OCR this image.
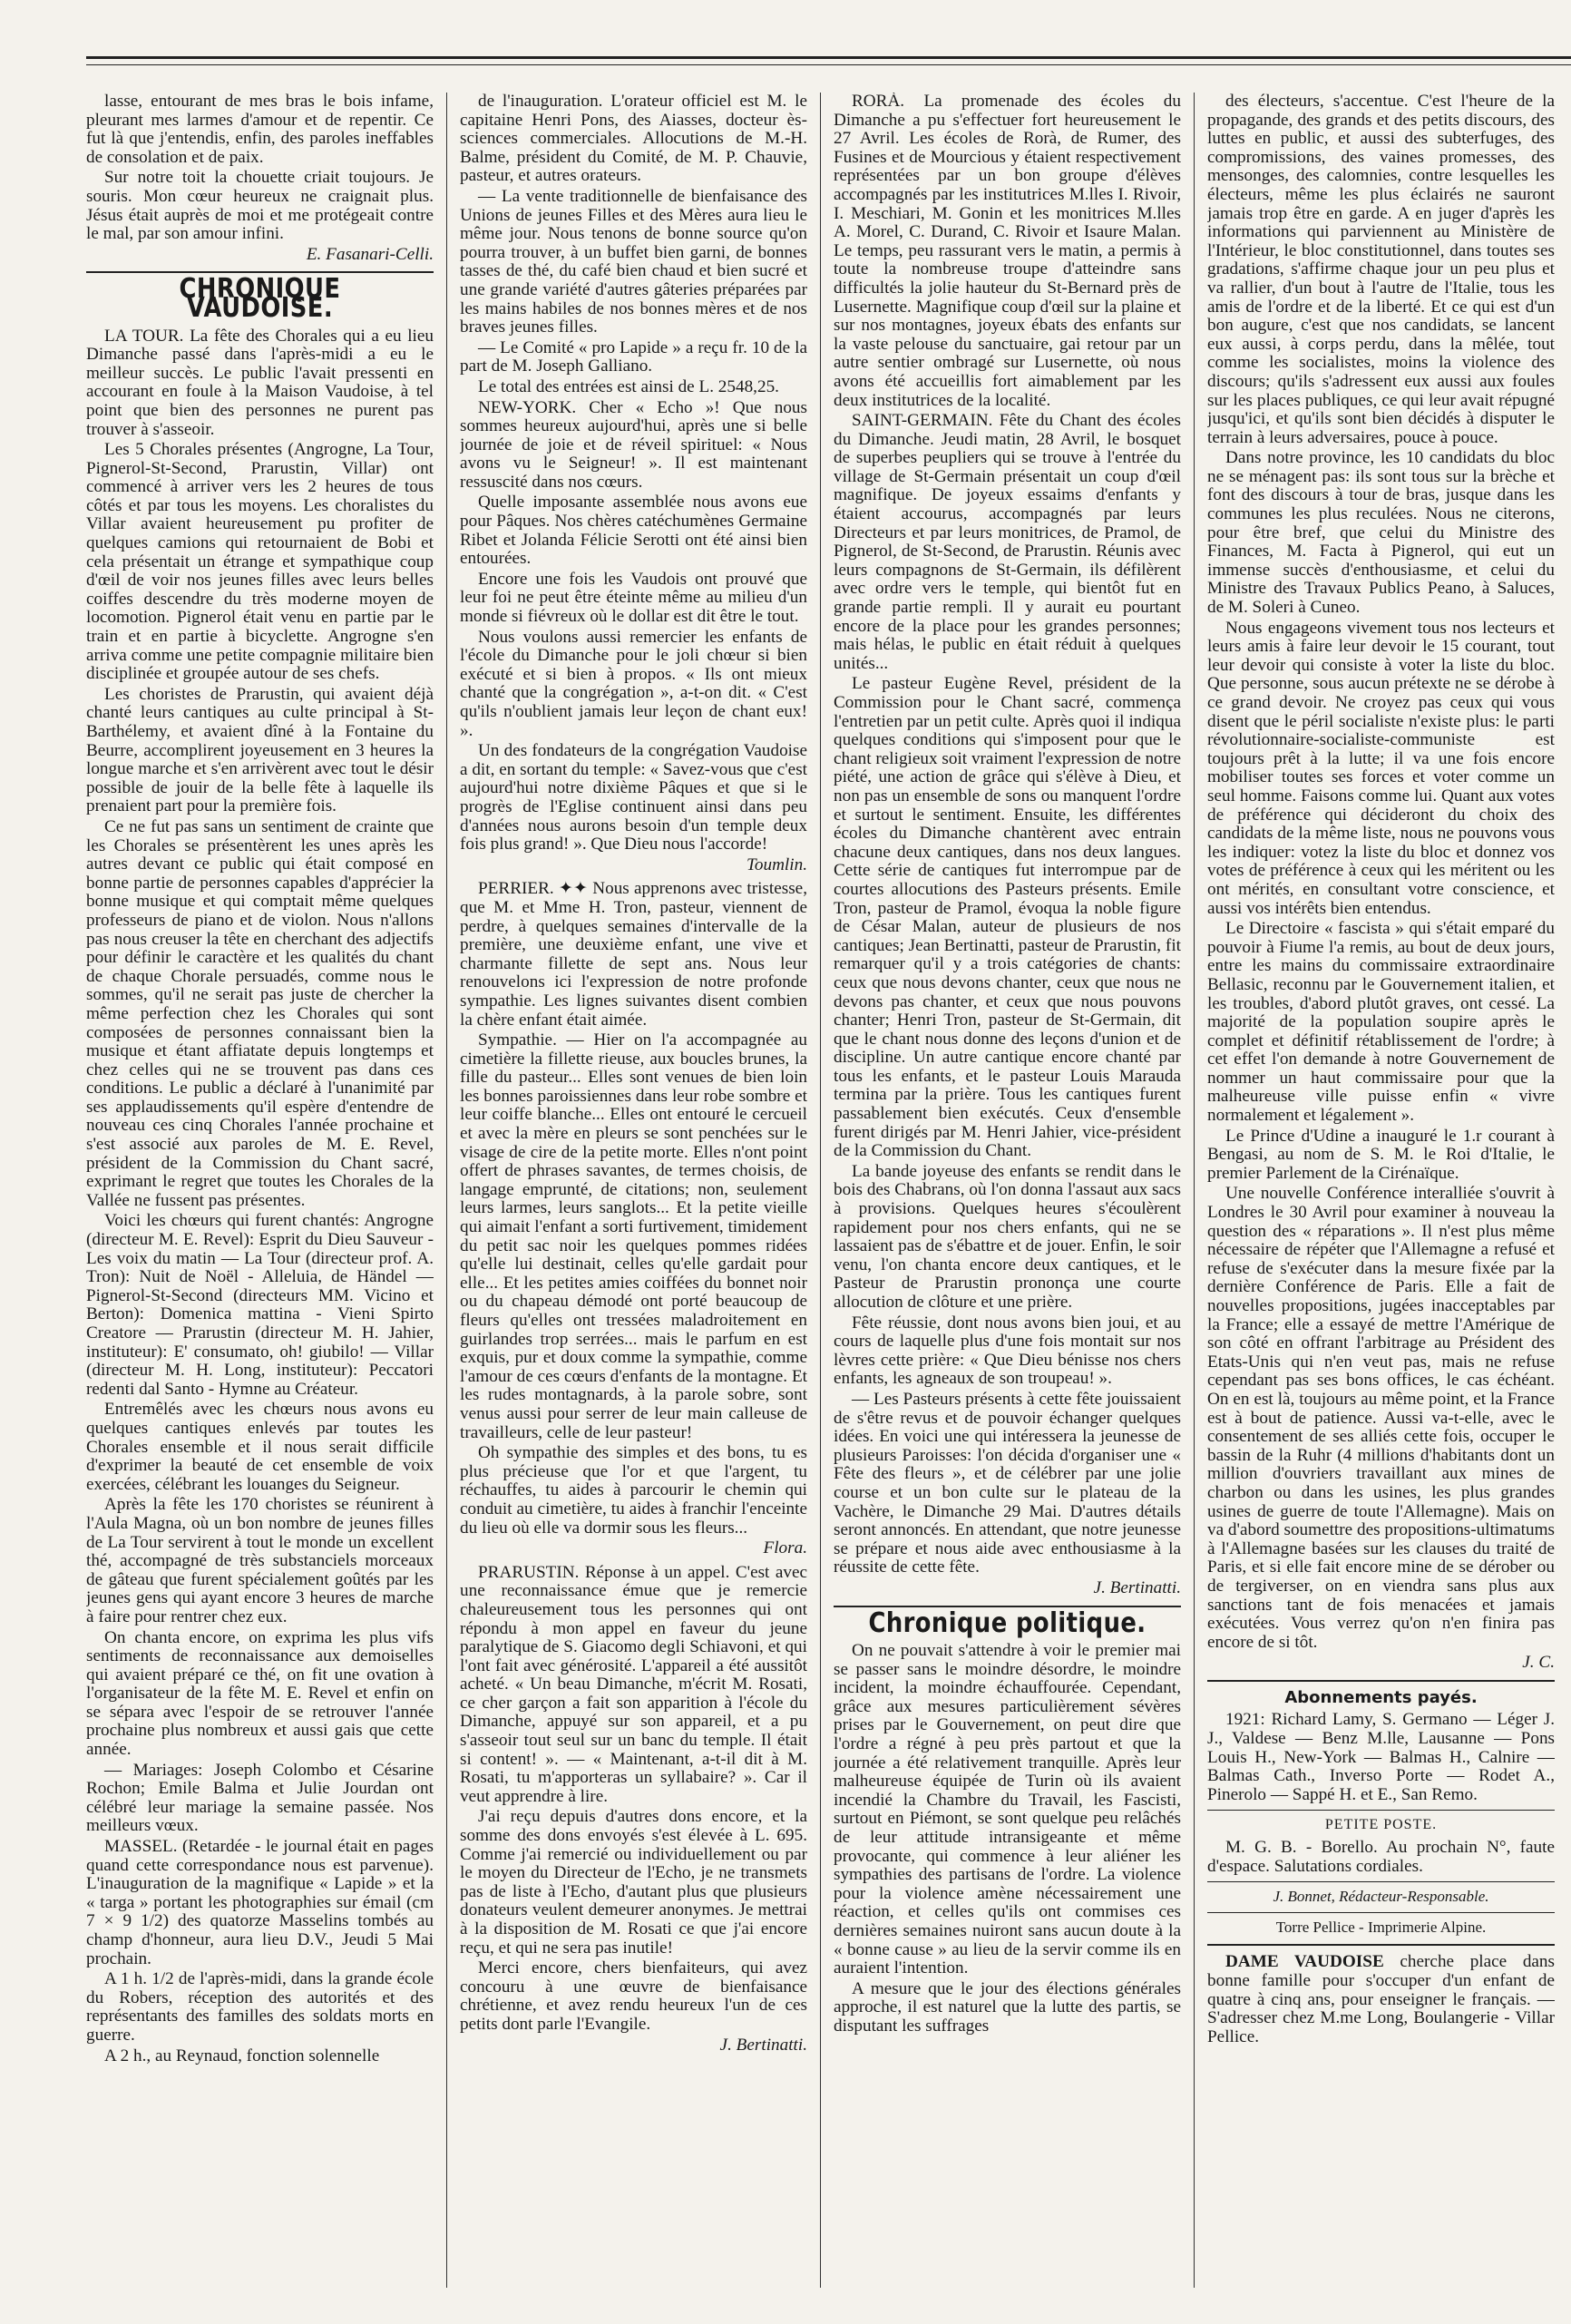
lasse, entourant de mes bras le bois infame, pleurant mes larmes d'amour et de repentir. Ce fut là que j'entendis, enfin, des paroles ineffables de consolation et de paix.

Sur notre toit la chouette criait toujours. Je souris. Mon cœur heureux ne craignait plus. Jésus était auprès de moi et me protégeait contre le mal, par son amour infini.

E. Fasanari-Celli.

CHRONIQUE VAUDOISE.

LA TOUR. La fête des Chorales qui a eu lieu Dimanche passé dans l'après-midi a eu le meilleur succès. Le public l'avait pressenti en accourant en foule à la Maison Vaudoise, à tel point que bien des personnes ne purent pas trouver à s'asseoir.

Les 5 Chorales présentes (Angrogne, La Tour, Pignerol-St-Second, Prarustin, Villar) ont commencé à arriver vers les 2 heures de tous côtés et par tous les moyens. Les choralistes du Villar avaient heureusement pu profiter de quelques camions qui retournaient de Bobi et cela présentait un étrange et sympathique coup d'œil de voir nos jeunes filles avec leurs belles coiffes descendre du très moderne moyen de locomotion. Pignerol était venu en partie par le train et en partie à bicyclette. Angrogne s'en arriva comme une petite compagnie militaire bien disciplinée et groupée autour de ses chefs.

Les choristes de Prarustin, qui avaient déjà chanté leurs cantiques au culte principal à St-Barthélemy, et avaient dîné à la Fontaine du Beurre, accomplirent joyeusement en 3 heures la longue marche et s'en arrivèrent avec tout le désir possible de jouir de la belle fête à laquelle ils prenaient part pour la première fois.

Ce ne fut pas sans un sentiment de crainte que les Chorales se présentèrent les unes après les autres devant ce public qui était composé en bonne partie de personnes capables d'apprécier la bonne musique et qui comptait même quelques professeurs de piano et de violon. Nous n'allons pas nous creuser la tête en cherchant des adjectifs pour définir le caractère et les qualités du chant de chaque Chorale persuadés, comme nous le sommes, qu'il ne serait pas juste de chercher la même perfection chez les Chorales qui sont composées de personnes connaissant bien la musique et étant affiatate depuis longtemps et chez celles qui ne se trouvent pas dans ces conditions. Le public a déclaré à l'unanimité par ses applaudissements qu'il espère d'entendre de nouveau ces cinq Chorales l'année prochaine et s'est associé aux paroles de M. E. Revel, président de la Commission du Chant sacré, exprimant le regret que toutes les Chorales de la Vallée ne fussent pas présentes.

Voici les chœurs qui furent chantés: Angrogne (directeur M. E. Revel): Esprit du Dieu Sauveur - Les voix du matin — La Tour (directeur prof. A. Tron): Nuit de Noël - Alleluia, de Händel — Pignerol-St-Second (directeurs MM. Vicino et Berton): Domenica mattina - Vieni Spirto Creatore — Prarustin (directeur M. H. Jahier, instituteur): E' consumato, oh! giubilo! — Villar (directeur M. H. Long, instituteur): Peccatori redenti dal Santo - Hymne au Créateur.

Entremêlés avec les chœurs nous avons eu quelques cantiques enlevés par toutes les Chorales ensemble et il nous serait difficile d'exprimer la beauté de cet ensemble de voix exercées, célébrant les louanges du Seigneur.

Après la fête les 170 choristes se réunirent à l'Aula Magna, où un bon nombre de jeunes filles de La Tour servirent à tout le monde un excellent thé, accompagné de très substanciels morceaux de gâteau que furent spécialement goûtés par les jeunes gens qui ayant encore 3 heures de marche à faire pour rentrer chez eux.

On chanta encore, on exprima les plus vifs sentiments de reconnaissance aux demoiselles qui avaient préparé ce thé, on fit une ovation à l'organisateur de la fête M. E. Revel et enfin on se sépara avec l'espoir de se retrouver l'année prochaine plus nombreux et aussi gais que cette année.

— Mariages: Joseph Colombo et Césarine Rochon; Emile Balma et Julie Jourdan ont célébré leur mariage la semaine passée. Nos meilleurs vœux.

MASSEL. (Retardée - le journal était en pages quand cette correspondance nous est parvenue). L'inauguration de la magnifique « Lapide » et la « targa » portant les photographies sur émail (cm 7 × 9 1/2) des quatorze Masselins tombés au champ d'honneur, aura lieu D.V., Jeudi 5 Mai prochain.

A 1 h. 1/2 de l'après-midi, dans la grande école du Robers, réception des autorités et des représentants des familles des soldats morts en guerre.

A 2 h., au Reynaud, fonction solennelle

de l'inauguration. L'orateur officiel est M. le capitaine Henri Pons, des Aiasses, docteur ès-sciences commerciales. Allocutions de M.-H. Balme, président du Comité, de M. P. Chauvie, pasteur, et autres orateurs.

— La vente traditionnelle de bienfaisance des Unions de jeunes Filles et des Mères aura lieu le même jour. Nous tenons de bonne source qu'on pourra trouver, à un buffet bien garni, de bonnes tasses de thé, du café bien chaud et bien sucré et une grande variété d'autres gâteries préparées par les mains habiles de nos bonnes mères et de nos braves jeunes filles.

— Le Comité « pro Lapide » a reçu fr. 10 de la part de M. Joseph Galliano.

Le total des entrées est ainsi de L. 2548,25.

NEW-YORK. Cher « Echo »! Que nous sommes heureux aujourd'hui, après une si belle journée de joie et de réveil spirituel: « Nous avons vu le Seigneur! ». Il est maintenant ressuscité dans nos cœurs.

Quelle imposante assemblée nous avons eue pour Pâques. Nos chères catéchumènes Germaine Ribet et Jolanda Félicie Serotti ont été ainsi bien entourées.

Encore une fois les Vaudois ont prouvé que leur foi ne peut être éteinte même au milieu d'un monde si fiévreux où le dollar est dit être le tout.

Nous voulons aussi remercier les enfants de l'école du Dimanche pour le joli chœur si bien exécuté et si bien à propos. « Ils ont mieux chanté que la congrégation », a-t-on dit. « C'est qu'ils n'oublient jamais leur leçon de chant eux! ».

Un des fondateurs de la congrégation Vaudoise a dit, en sortant du temple: « Savez-vous que c'est aujourd'hui notre dixième Pâques et que si le progrès de l'Eglise continuent ainsi dans peu d'années nous aurons besoin d'un temple deux fois plus grand! ». Que Dieu nous l'accorde!

Toumlin.

PERRIER. ✦✦ Nous apprenons avec tristesse, que M. et Mme H. Tron, pasteur, viennent de perdre, à quelques semaines d'intervalle de la première, une deuxième enfant, une vive et charmante fillette de sept ans. Nous leur renouvelons ici l'expression de notre profonde sympathie. Les lignes suivantes disent combien la chère enfant était aimée.

Sympathie. — Hier on l'a accompagnée au cimetière la fillette rieuse, aux boucles brunes, la fille du pasteur... Elles sont venues de bien loin les bonnes paroissiennes dans leur robe sombre et leur coiffe blanche... Elles ont entouré le cercueil et avec la mère en pleurs se sont penchées sur le visage de cire de la petite morte. Elles n'ont point offert de phrases savantes, de termes choisis, de langage emprunté, de citations; non, seulement leurs larmes, leurs sanglots... Et la petite vieille qui aimait l'enfant a sorti furtivement, timidement du petit sac noir les quelques pommes ridées qu'elle lui destinait, celles qu'elle gardait pour elle... Et les petites amies coiffées du bonnet noir ou du chapeau démodé ont porté beaucoup de fleurs qu'elles ont tressées maladroitement en guirlandes trop serrées... mais le parfum en est exquis, pur et doux comme la sympathie, comme l'amour de ces cœurs d'enfants de la montagne. Et les rudes montagnards, à la parole sobre, sont venus aussi pour serrer de leur main calleuse de travailleurs, celle de leur pasteur!

Oh sympathie des simples et des bons, tu es plus précieuse que l'or et que l'argent, tu réchauffes, tu aides à parcourir le chemin qui conduit au cimetière, tu aides à franchir l'enceinte du lieu où elle va dormir sous les fleurs...

Flora.

PRARUSTIN. Réponse à un appel. C'est avec une reconnaissance émue que je remercie chaleureusement tous les personnes qui ont répondu à mon appel en faveur du jeune paralytique de S. Giacomo degli Schiavoni, et qui l'ont fait avec générosité. L'appareil a été aussitôt acheté. « Un beau Dimanche, m'écrit M. Rosati, ce cher garçon a fait son apparition à l'école du Dimanche, appuyé sur son appareil, et a pu s'asseoir tout seul sur un banc du temple. Il était si content! ». — « Maintenant, a-t-il dit à M. Rosati, tu m'apporteras un syllabaire? ». Car il veut apprendre à lire.

J'ai reçu depuis d'autres dons encore, et la somme des dons envoyés s'est élevée à L. 695. Comme j'ai remercié ou individuellement ou par le moyen du Directeur de l'Echo, je ne transmets pas de liste à l'Echo, d'autant plus que plusieurs donateurs veulent demeurer anonymes. Je mettrai à la disposition de M. Rosati ce que j'ai encore reçu, et qui ne sera pas inutile!

Merci encore, chers bienfaiteurs, qui avez concouru à une œuvre de bienfaisance chrétienne, et avez rendu heureux l'un de ces petits dont parle l'Evangile.

J. Bertinatti.

RORÀ. La promenade des écoles du Dimanche a pu s'effectuer fort heureusement le 27 Avril. Les écoles de Rorà, de Rumer, des Fusines et de Mourcious y étaient respectivement représentées par un bon groupe d'élèves accompagnés par les institutrices M.lles I. Rivoir, I. Meschiari, M. Gonin et les monitrices M.lles A. Morel, C. Durand, C. Rivoir et Isaure Malan. Le temps, peu rassurant vers le matin, a permis à toute la nombreuse troupe d'atteindre sans difficultés la jolie hauteur du St-Bernard près de Lusernette. Magnifique coup d'œil sur la plaine et sur nos montagnes, joyeux ébats des enfants sur la vaste pelouse du sanctuaire, gai retour par un autre sentier ombragé sur Lusernette, où nous avons été accueillis fort aimablement par les deux institutrices de la localité.

SAINT-GERMAIN. Fête du Chant des écoles du Dimanche. Jeudi matin, 28 Avril, le bosquet de superbes peupliers qui se trouve à l'entrée du village de St-Germain présentait un coup d'œil magnifique. De joyeux essaims d'enfants y étaient accourus, accompagnés par leurs Directeurs et par leurs monitrices, de Pramol, de Pignerol, de St-Second, de Prarustin. Réunis avec leurs compagnons de St-Germain, ils défilèrent avec ordre vers le temple, qui bientôt fut en grande partie rempli. Il y aurait eu pourtant encore de la place pour les grandes personnes; mais hélas, le public en était réduit à quelques unités...

Le pasteur Eugène Revel, président de la Commission pour le Chant sacré, commença l'entretien par un petit culte. Après quoi il indiqua quelques conditions qui s'imposent pour que le chant religieux soit vraiment l'expression de notre piété, une action de grâce qui s'élève à Dieu, et non pas un ensemble de sons ou manquent l'ordre et surtout le sentiment. Ensuite, les différentes écoles du Dimanche chantèrent avec entrain chacune deux cantiques, dans nos deux langues. Cette série de cantiques fut interrompue par de courtes allocutions des Pasteurs présents. Emile Tron, pasteur de Pramol, évoqua la noble figure de César Malan, auteur de plusieurs de nos cantiques; Jean Bertinatti, pasteur de Prarustin, fit remarquer qu'il y a trois catégories de chants: ceux que nous devons chanter, ceux que nous ne devons pas chanter, et ceux que nous pouvons chanter; Henri Tron, pasteur de St-Germain, dit que le chant nous donne des leçons d'union et de discipline. Un autre cantique encore chanté par tous les enfants, et le pasteur Louis Marauda termina par la prière. Tous les cantiques furent passablement bien exécutés. Ceux d'ensemble furent dirigés par M. Henri Jahier, vice-président de la Commission du Chant.

La bande joyeuse des enfants se rendit dans le bois des Chabrans, où l'on donna l'assaut aux sacs à provisions. Quelques heures s'écoulèrent rapidement pour nos chers enfants, qui ne se lassaient pas de s'ébattre et de jouer. Enfin, le soir venu, l'on chanta encore deux cantiques, et le Pasteur de Prarustin prononça une courte allocution de clôture et une prière.

Fête réussie, dont nous avons bien joui, et au cours de laquelle plus d'une fois montait sur nos lèvres cette prière: « Que Dieu bénisse nos chers enfants, les agneaux de son troupeau! ».

— Les Pasteurs présents à cette fête jouissaient de s'être revus et de pouvoir échanger quelques idées. En voici une qui intéressera la jeunesse de plusieurs Paroisses: l'on décida d'organiser une « Fête des fleurs », et de célébrer par une jolie course et un bon culte sur le plateau de la Vachère, le Dimanche 29 Mai. D'autres détails seront annoncés. En attendant, que notre jeunesse se prépare et nous aide avec enthousiasme à la réussite de cette fête.

J. Bertinatti.

Chronique politique.

On ne pouvait s'attendre à voir le premier mai se passer sans le moindre désordre, le moindre incident, la moindre échauffourée. Cependant, grâce aux mesures particulièrement sévères prises par le Gouvernement, on peut dire que l'ordre a régné à peu près partout et que la journée a été relativement tranquille. Après leur malheureuse équipée de Turin où ils avaient incendié la Chambre du Travail, les Fascisti, surtout en Piémont, se sont quelque peu relâchés de leur attitude intransigeante et même provocante, qui commence à leur aliéner les sympathies des partisans de l'ordre. La violence pour la violence amène nécessairement une réaction, et celles qu'ils ont commises ces dernières semaines nuiront sans aucun doute à la « bonne cause » au lieu de la servir comme ils en auraient l'intention.

A mesure que le jour des élections générales approche, il est naturel que la lutte des partis, se disputant les suffrages

des électeurs, s'accentue. C'est l'heure de la propagande, des grands et des petits discours, des luttes en public, et aussi des subterfuges, des compromissions, des vaines promesses, des mensonges, des calomnies, contre lesquelles les électeurs, même les plus éclairés ne sauront jamais trop être en garde. A en juger d'après les informations qui parviennent au Ministère de l'Intérieur, le bloc constitutionnel, dans toutes ses gradations, s'affirme chaque jour un peu plus et va rallier, d'un bout à l'autre de l'Italie, tous les amis de l'ordre et de la liberté. Et ce qui est d'un bon augure, c'est que nos candidats, se lancent eux aussi, à corps perdu, dans la mêlée, tout comme les socialistes, moins la violence des discours; qu'ils s'adressent eux aussi aux foules sur les places publiques, ce qui leur avait répugné jusqu'ici, et qu'ils sont bien décidés à disputer le terrain à leurs adversaires, pouce à pouce.

Dans notre province, les 10 candidats du bloc ne se ménagent pas: ils sont tous sur la brèche et font des discours à tour de bras, jusque dans les communes les plus reculées. Nous ne citerons, pour être bref, que celui du Ministre des Finances, M. Facta à Pignerol, qui eut un immense succès d'enthousiasme, et celui du Ministre des Travaux Publics Peano, à Saluces, de M. Soleri à Cuneo.

Nous engageons vivement tous nos lecteurs et leurs amis à faire leur devoir le 15 courant, tout leur devoir qui consiste à voter la liste du bloc. Que personne, sous aucun prétexte ne se dérobe à ce grand devoir. Ne croyez pas ceux qui vous disent que le péril socialiste n'existe plus: le parti révolutionnaire-socialiste-communiste est toujours prêt à la lutte; il va une fois encore mobiliser toutes ses forces et voter comme un seul homme. Faisons comme lui. Quant aux votes de préférence qui décideront du choix des candidats de la même liste, nous ne pouvons vous les indiquer: votez la liste du bloc et donnez vos votes de préférence à ceux qui les méritent ou les ont mérités, en consultant votre conscience, et aussi vos intérêts bien entendus.

Le Directoire « fascista » qui s'était emparé du pouvoir à Fiume l'a remis, au bout de deux jours, entre les mains du commissaire extraordinaire Bellasic, reconnu par le Gouvernement italien, et les troubles, d'abord plutôt graves, ont cessé. La majorité de la population soupire après le complet et définitif rétablissement de l'ordre; à cet effet l'on demande à notre Gouvernement de nommer un haut commissaire pour que la malheureuse ville puisse enfin « vivre normalement et légalement ».

Le Prince d'Udine a inauguré le 1.r courant à Bengasi, au nom de S. M. le Roi d'Italie, le premier Parlement de la Cirénaïque.

Une nouvelle Conférence interalliée s'ouvrit à Londres le 30 Avril pour examiner à nouveau la question des « réparations ». Il n'est plus même nécessaire de répéter que l'Allemagne a refusé et refuse de s'exécuter dans la mesure fixée par la dernière Conférence de Paris. Elle a fait de nouvelles propositions, jugées inacceptables par la France; elle a essayé de mettre l'Amérique de son côté en offrant l'arbitrage au Président des Etats-Unis qui n'en veut pas, mais ne refuse cependant pas ses bons offices, le cas échéant. On en est là, toujours au même point, et la France est à bout de patience. Aussi va-t-elle, avec le consentement de ses alliés cette fois, occuper le bassin de la Ruhr (4 millions d'habitants dont un million d'ouvriers travaillant aux mines de charbon ou dans les usines, les plus grandes usines de guerre de toute l'Allemagne). Mais on va d'abord soumettre des propositions-ultimatums à l'Allemagne basées sur les clauses du traité de Paris, et si elle fait encore mine de se dérober ou de tergiverser, on en viendra sans plus aux sanctions tant de fois menacées et jamais exécutées. Vous verrez qu'on n'en finira pas encore de si tôt.

J. C.

Abonnements payés.

1921: Richard Lamy, S. Germano — Léger J. J., Valdese — Benz M.lle, Lausanne — Pons Louis H., New-York — Balmas H., Calnire — Balmas Cath., Inverso Porte — Rodet A., Pinerolo — Sappé H. et E., San Remo.

PETITE POSTE.

M. G. B. - Borello. Au prochain N°, faute d'espace. Salutations cordiales.

J. Bonnet, Rédacteur-Responsable.
Torre Pellice - Imprimerie Alpine.

DAME VAUDOISE cherche place dans bonne famille pour s'occuper d'un enfant de quatre à cinq ans, pour enseigner le français. — S'adresser chez M.me Long, Boulangerie - Villar Pellice.
